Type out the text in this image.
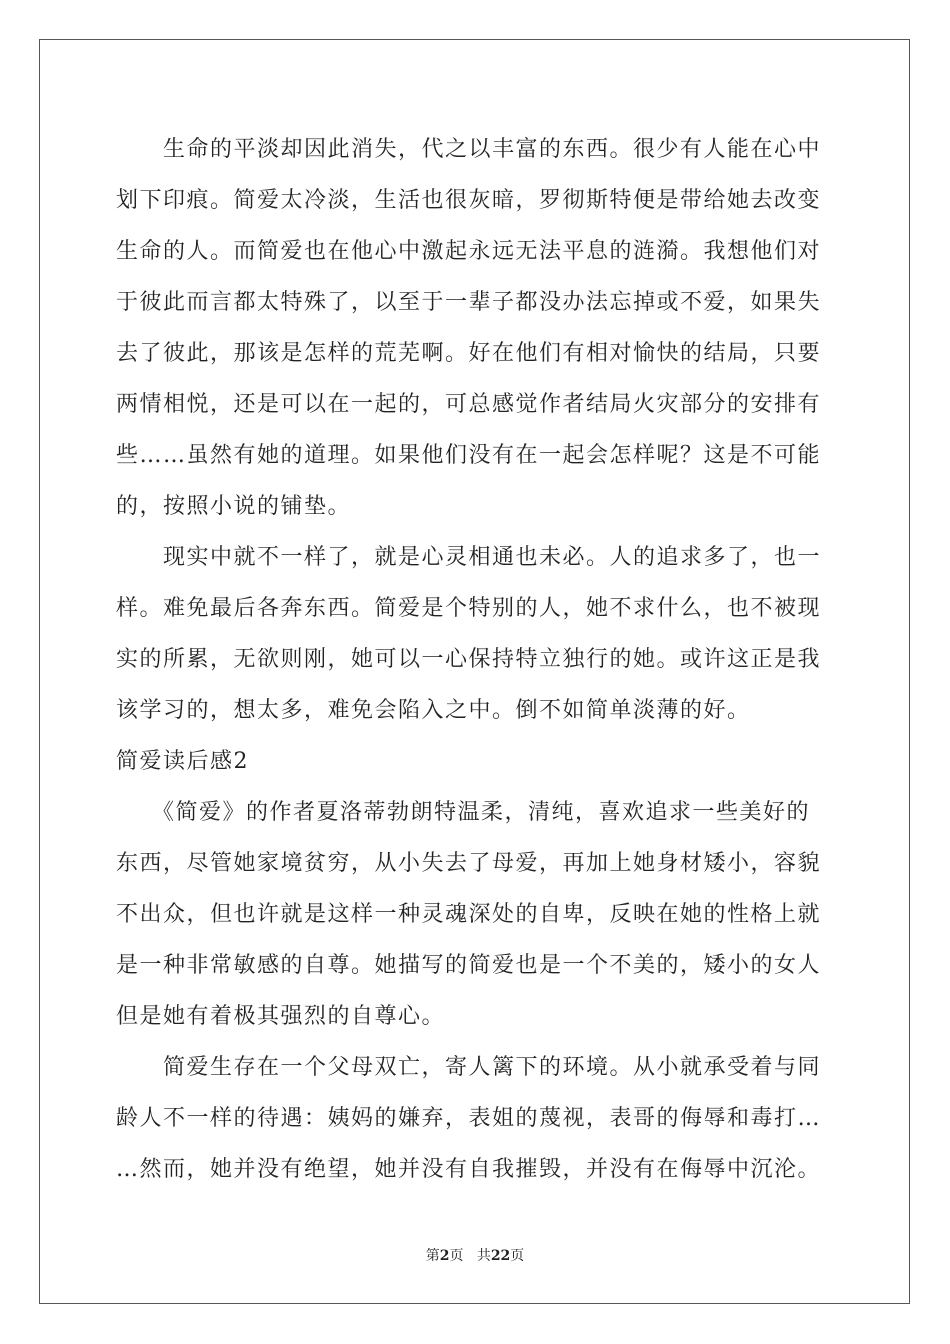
　　生命的平淡却因此消失，代之以丰富的东西。很少有人能在心中
划下印痕。简爱太冷淡，生活也很灰暗，罗彻斯特便是带给她去改变
生命的人。而简爱也在他心中激起永远无法平息的涟漪。我想他们对
于彼此而言都太特殊了，以至于一辈子都没办法忘掉或不爱，如果失
去了彼此，那该是怎样的荒芜啊。好在他们有相对愉快的结局，只要
两情相悦，还是可以在一起的，可总感觉作者结局火灾部分的安排有
些……虽然有她的道理。如果他们没有在一起会怎样呢？这是不可能
的，按照小说的铺垫。
　　现实中就不一样了，就是心灵相通也未必。人的追求多了，也一
样。难免最后各奔东西。简爱是个特别的人，她不求什么，也不被现
实的所累，无欲则刚，她可以一心保持特立独行的她。或许这正是我
该学习的，想太多，难免会陷入之中。倒不如简单淡薄的好。
简爱读后感2
　　《简爱》的作者夏洛蒂勃朗特温柔，清纯，喜欢追求一些美好的
东西，尽管她家境贫穷，从小失去了母爱，再加上她身材矮小，容貌
不出众，但也许就是这样一种灵魂深处的自卑，反映在她的性格上就
是一种非常敏感的自尊。她描写的简爱也是一个不美的，矮小的女人
但是她有着极其强烈的自尊心。
　　简爱生存在一个父母双亡，寄人篱下的环境。从小就承受着与同
龄人不一样的待遇：姨妈的嫌弃，表姐的蔑视，表哥的侮辱和毒打…
…然而，她并没有绝望，她并没有自我摧毁，并没有在侮辱中沉沦。
第2页 共22页
